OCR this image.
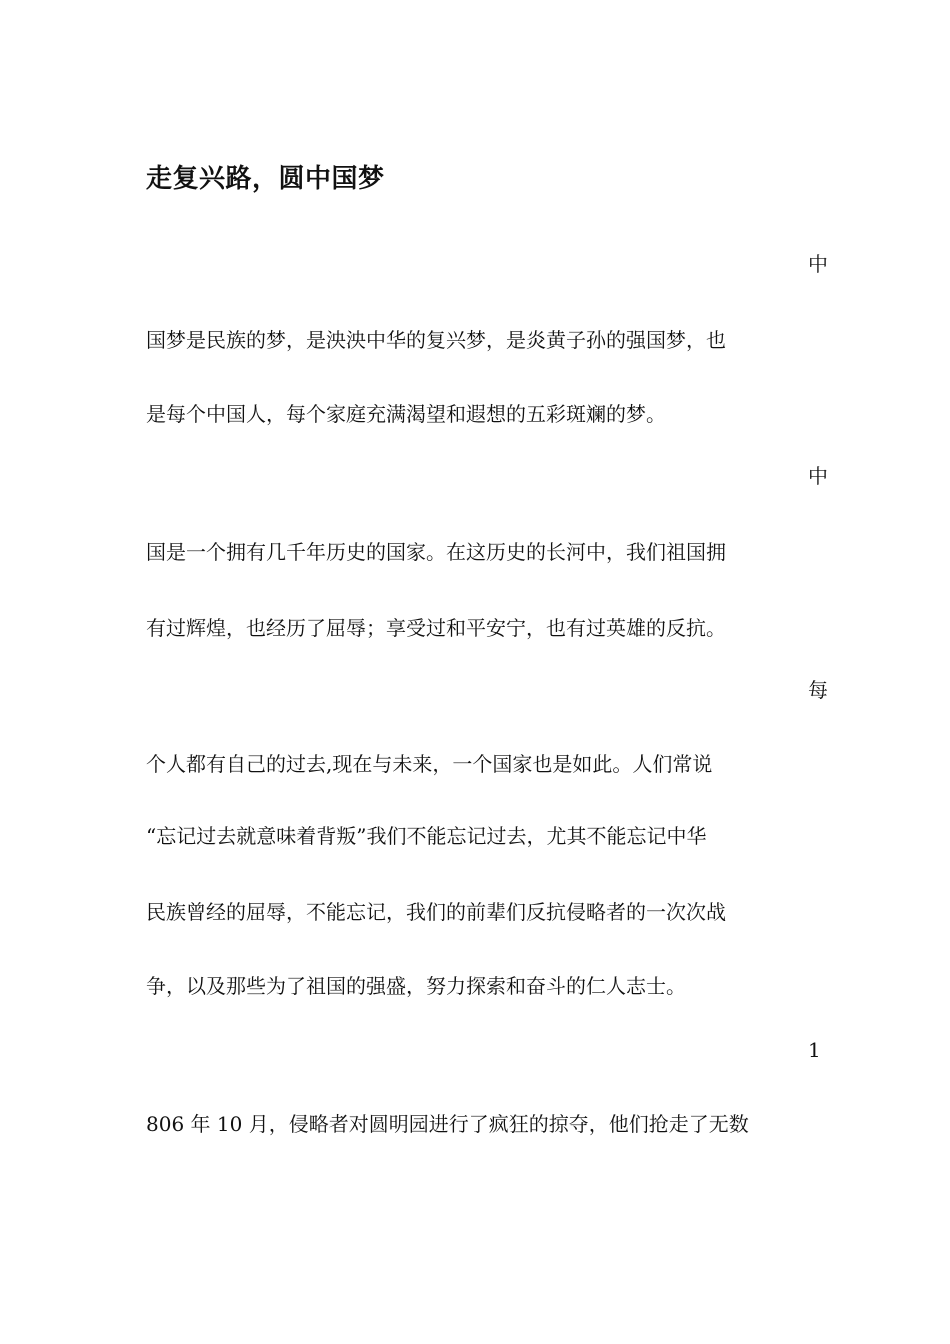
走复兴路，圆中国梦

中

国梦是民族的梦，是泱泱中华的复兴梦，是炎黄子孙的强国梦，也

是每个中国人，每个家庭充满渴望和遐想的五彩斑斓的梦。

中

国是一个拥有几千年历史的国家。在这历史的长河中，我们祖国拥

有过辉煌，也经历了屈辱；享受过和平安宁，也有过英雄的反抗。

每

个人都有自己的过去,现在与未来，一个国家也是如此。人们常说

“忘记过去就意味着背叛”我们不能忘记过去，尤其不能忘记中华

民族曾经的屈辱，不能忘记，我们的前辈们反抗侵略者的一次次战

争，以及那些为了祖国的强盛，努力探索和奋斗的仁人志士。

1

806 年 10 月，侵略者对圆明园进行了疯狂的掠夺，他们抢走了无数
